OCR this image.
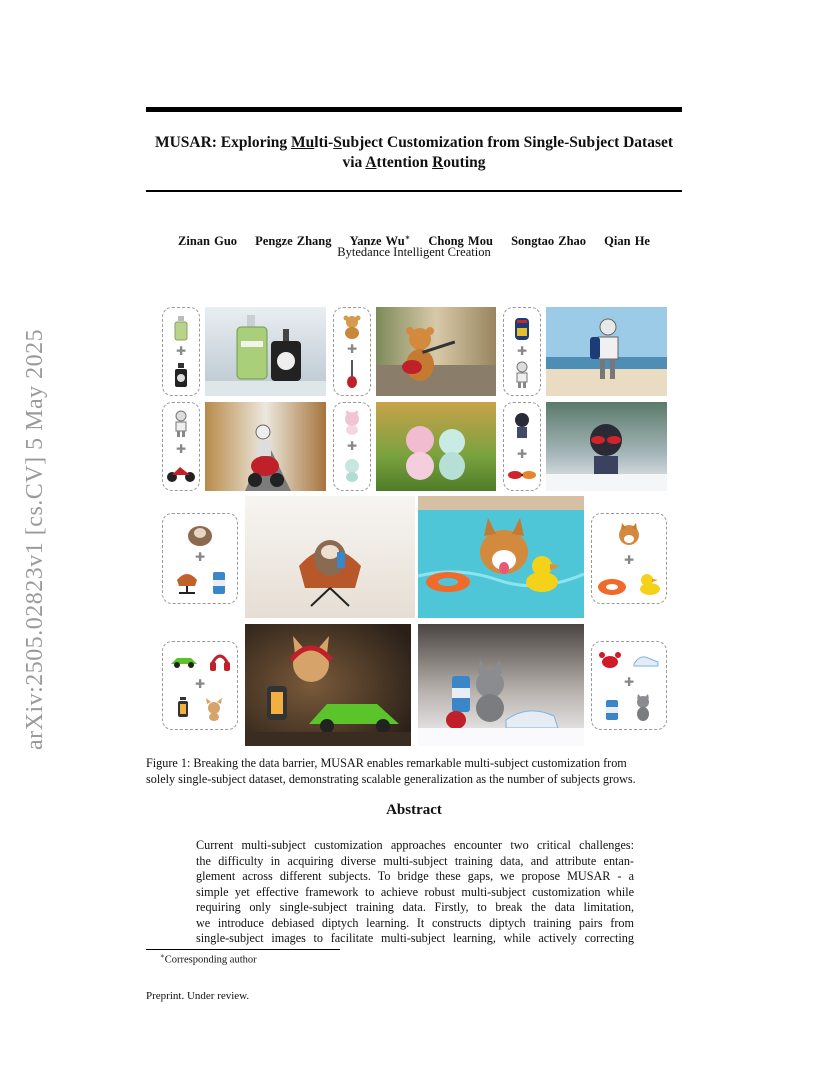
arXiv:2505.02823v1 [cs.CV] 5 May 2025
MUSAR: Exploring Multi-Subject Customization from Single-Subject Dataset
via Attention Routing
Zinan Guo Pengze Zhang Yanze Wu∗ Chong Mou Songtao Zhao Qian He
Bytedance Intelligent Creation
✚	✚	✚
✚	✚
✚
✚	✚
✚	✚
Figure 1: Breaking the data barrier, MUSAR enables remarkable multi-subject customization from
solely single-subject dataset, demonstrating scalable generalization as the number of subjects grows.
Abstract
Current multi-subject customization approaches encounter two critical challenges:
the difficulty in acquiring diverse multi-subject training data, and attribute entan-
glement across different subjects. To bridge these gaps, we propose MUSAR - a
simple yet effective framework to achieve robust multi-subject customization while
requiring only single-subject training data. Firstly, to break the data limitation,
we introduce debiased diptych learning. It constructs diptych training pairs from
single-subject images to facilitate multi-subject learning, while actively correcting
∗Corresponding author
Preprint. Under review.
